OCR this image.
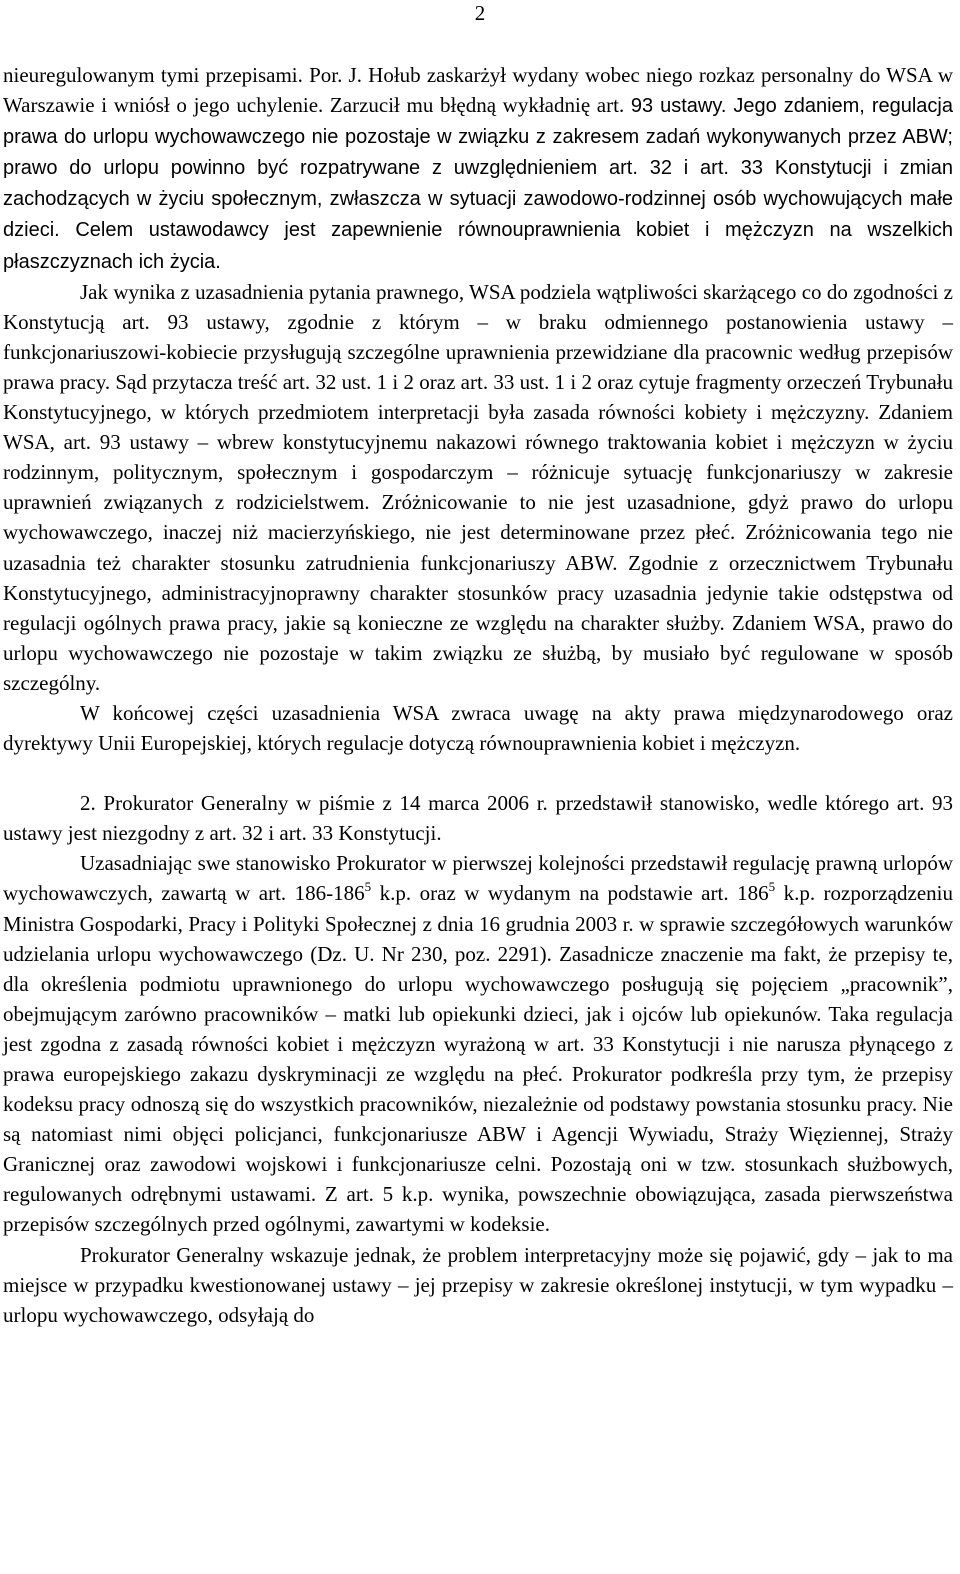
2

nieuregulowanym tymi przepisami. Por. J. Hołub zaskarżył wydany wobec niego rozkaz personalny do WSA w Warszawie i wniósł o jego uchylenie. Zarzucił mu błędną wykładnię art. 93 ustawy. Jego zdaniem, regulacja prawa do urlopu wychowawczego nie pozostaje w związku z zakresem zadań wykonywanych przez ABW; prawo do urlopu powinno być rozpatrywane z uwzględnieniem art. 32 i art. 33 Konstytucji i zmian zachodzących w życiu społecznym, zwłaszcza w sytuacji zawodowo-rodzinnej osób wychowujących małe dzieci. Celem ustawodawcy jest zapewnienie równouprawnienia kobiet i mężczyzn na wszelkich płaszczyznach ich życia.

Jak wynika z uzasadnienia pytania prawnego, WSA podziela wątpliwości skarżącego co do zgodności z Konstytucją art. 93 ustawy, zgodnie z którym – w braku odmiennego postanowienia ustawy – funkcjonariuszowi-kobiecie przysługują szczególne uprawnienia przewidziane dla pracownic według przepisów prawa pracy. Sąd przytacza treść art. 32 ust. 1 i 2 oraz art. 33 ust. 1 i 2 oraz cytuje fragmenty orzeczeń Trybunału Konstytucyjnego, w których przedmiotem interpretacji była zasada równości kobiety i mężczyzny. Zdaniem WSA, art. 93 ustawy – wbrew konstytucyjnemu nakazowi równego traktowania kobiet i mężczyzn w życiu rodzinnym, politycznym, społecznym i gospodarczym – różnicuje sytuację funkcjonariuszy w zakresie uprawnień związanych z rodzicielstwem. Zróżnicowanie to nie jest uzasadnione, gdyż prawo do urlopu wychowawczego, inaczej niż macierzyńskiego, nie jest determinowane przez płeć. Zróżnicowania tego nie uzasadnia też charakter stosunku zatrudnienia funkcjonariuszy ABW. Zgodnie z orzecznictwem Trybunału Konstytucyjnego, administracyjnoprawny charakter stosunków pracy uzasadnia jedynie takie odstępstwa od regulacji ogólnych prawa pracy, jakie są konieczne ze względu na charakter służby. Zdaniem WSA, prawo do urlopu wychowawczego nie pozostaje w takim związku ze służbą, by musiało być regulowane w sposób szczególny.

W końcowej części uzasadnienia WSA zwraca uwagę na akty prawa międzynarodowego oraz dyrektywy Unii Europejskiej, których regulacje dotyczą równouprawnienia kobiet i mężczyzn.

2. Prokurator Generalny w piśmie z 14 marca 2006 r. przedstawił stanowisko, wedle którego art. 93 ustawy jest niezgodny z art. 32 i art. 33 Konstytucji.

Uzasadniając swe stanowisko Prokurator w pierwszej kolejności przedstawił regulację prawną urlopów wychowawczych, zawartą w art. $186-186^5$ k.p. oraz w wydanym na podstawie art. $186^5$ k.p. rozporządzeniu Ministra Gospodarki, Pracy i Polityki Społecznej z dnia 16 grudnia 2003 r. w sprawie szczegółowych warunków udzielania urlopu wychowawczego (Dz. U. Nr 230, poz. 2291). Zasadnicze znaczenie ma fakt, że przepisy te, dla określenia podmiotu uprawnionego do urlopu wychowawczego posługują się pojęciem „pracownik”, obejmującym zarówno pracowników – matki lub opiekunki dzieci, jak i ojców lub opiekunów. Taka regulacja jest zgodna z zasadą równości kobiet i mężczyzn wyrażoną w art. 33 Konstytucji i nie narusza płynącego z prawa europejskiego zakazu dyskryminacji ze względu na płeć. Prokurator podkreśla przy tym, że przepisy kodeksu pracy odnoszą się do wszystkich pracowników, niezależnie od podstawy powstania stosunku pracy. Nie są natomiast nimi objęci policjanci, funkcjonariusze ABW i Agencji Wywiadu, Straży Więziennej, Straży Granicznej oraz zawodowi wojskowi i funkcjonariusze celni. Pozostają oni w tzw. stosunkach służbowych, regulowanych odrębnymi ustawami. Z art. 5 k.p. wynika, powszechnie obowiązująca, zasada pierwszeństwa przepisów szczególnych przed ogólnymi, zawartymi w kodeksie.

Prokurator Generalny wskazuje jednak, że problem interpretacyjny może się pojawić, gdy – jak to ma miejsce w przypadku kwestionowanej ustawy – jej przepisy w zakresie określonej instytucji, w tym wypadku – urlopu wychowawczego, odsyłają do
